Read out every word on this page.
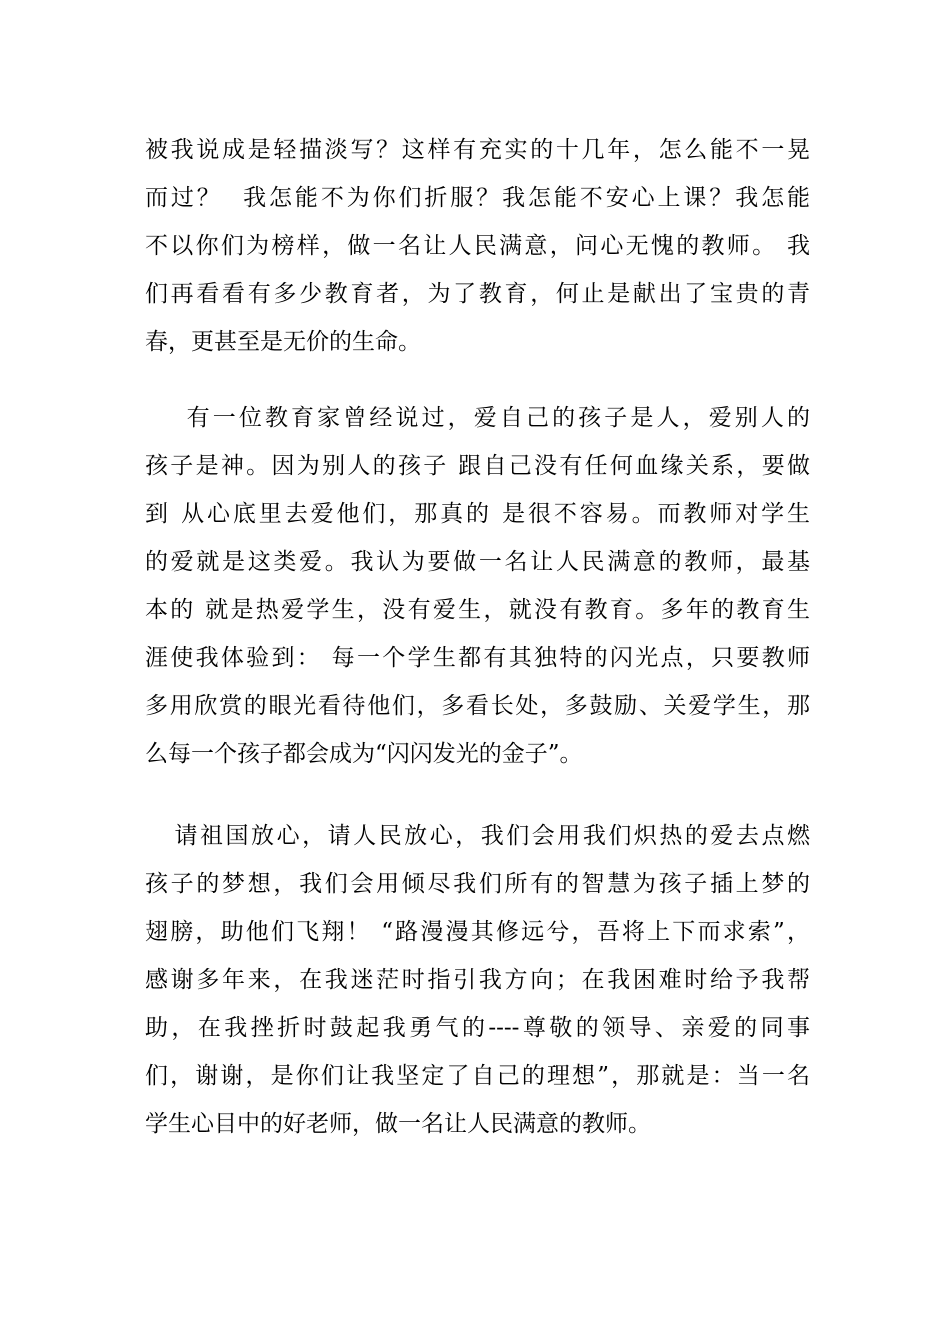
被我说成是轻描淡写？这样有充实的十几年，怎么能不一晃
而过？  我怎能不为你们折服？我怎能不安心上课？我怎能
不以你们为榜样，做一名让人民满意，问心无愧的教师。 我
们再看看有多少教育者，为了教育，何止是献出了宝贵的青
春，更甚至是无价的生命。
有一位教育家曾经说过，爱自己的孩子是人，爱别人的
孩子是神。因为别人的孩子 跟自己没有任何血缘关系，要做
到 从心底里去爱他们，那真的 是很不容易。而教师对学生
的爱就是这类爱。我认为要做一名让人民满意的教师，最基
本的 就是热爱学生，没有爱生，就没有教育。多年的教育生
涯使我体验到： 每一个学生都有其独特的闪光点，只要教师
多用欣赏的眼光看待他们，多看长处，多鼓励、关爱学生，那
么每一个孩子都会成为“闪闪发光的金子”。
请祖国放心，请人民放心，我们会用我们炽热的爱去点燃
孩子的梦想，我们会用倾尽我们所有的智慧为孩子插上梦的
翅膀，助他们飞翔！ “路漫漫其修远兮，吾将上下而求索”，
感谢多年来，在我迷茫时指引我方向；在我困难时给予我帮
助，在我挫折时鼓起我勇气的----尊敬的领导、亲爱的同事
们，谢谢，是你们让我坚定了自己的理想”，那就是：当一名
学生心目中的好老师，做一名让人民满意的教师。
